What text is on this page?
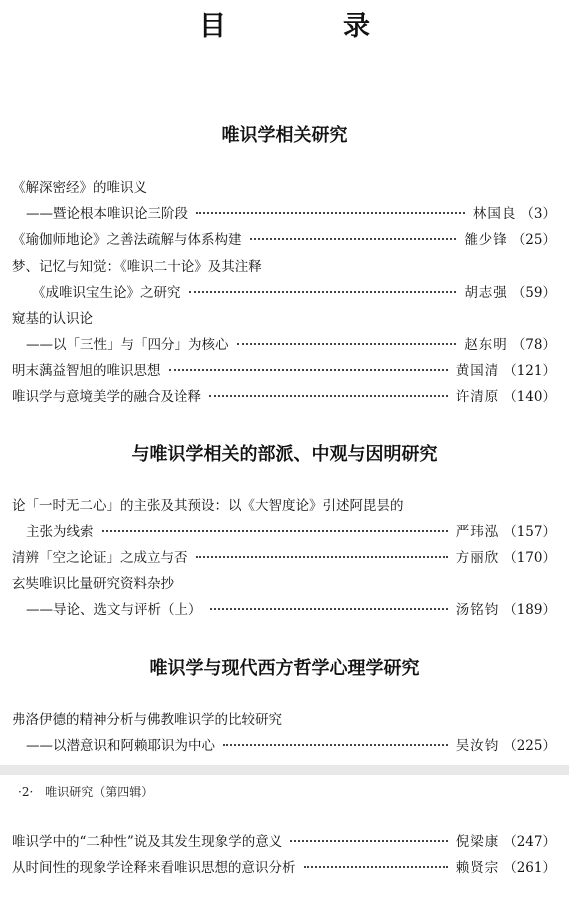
目　录
唯识学相关研究
《解深密经》的唯识义
——暨论根本唯识论三阶段	林国良 （3）
《瑜伽师地论》之善法疏解与体系构建	雒少锋 （25）
梦、记忆与知觉：《唯识二十论》及其注释
《成唯识宝生论》之研究	胡志强 （59）
窥基的认识论
——以「三性」与「四分」为核心	赵东明 （78）
明末蕅益智旭的唯识思想	黄国清 （121）
唯识学与意境美学的融合及诠释	许清原 （140）
与唯识学相关的部派、中观与因明研究
论「一时无二心」的主张及其预设：以《大智度论》引述阿毘昙的
主张为线索	严玮泓 （157）
清辨「空之论证」之成立与否	方丽欣 （170）
玄奘唯识比量研究资料杂抄
——导论、选文与评析（上）	汤铭钧 （189）
唯识学与现代西方哲学心理学研究
弗洛伊德的精神分析与佛教唯识学的比较研究
——以潜意识和阿赖耶识为中心	吴汝钧 （225）
·2·　唯识研究（第四辑）
唯识学中的“二种性”说及其发生现象学的意义	倪梁康 （247）
从时间性的现象学诠释来看唯识思想的意识分析	赖贤宗 （261）
